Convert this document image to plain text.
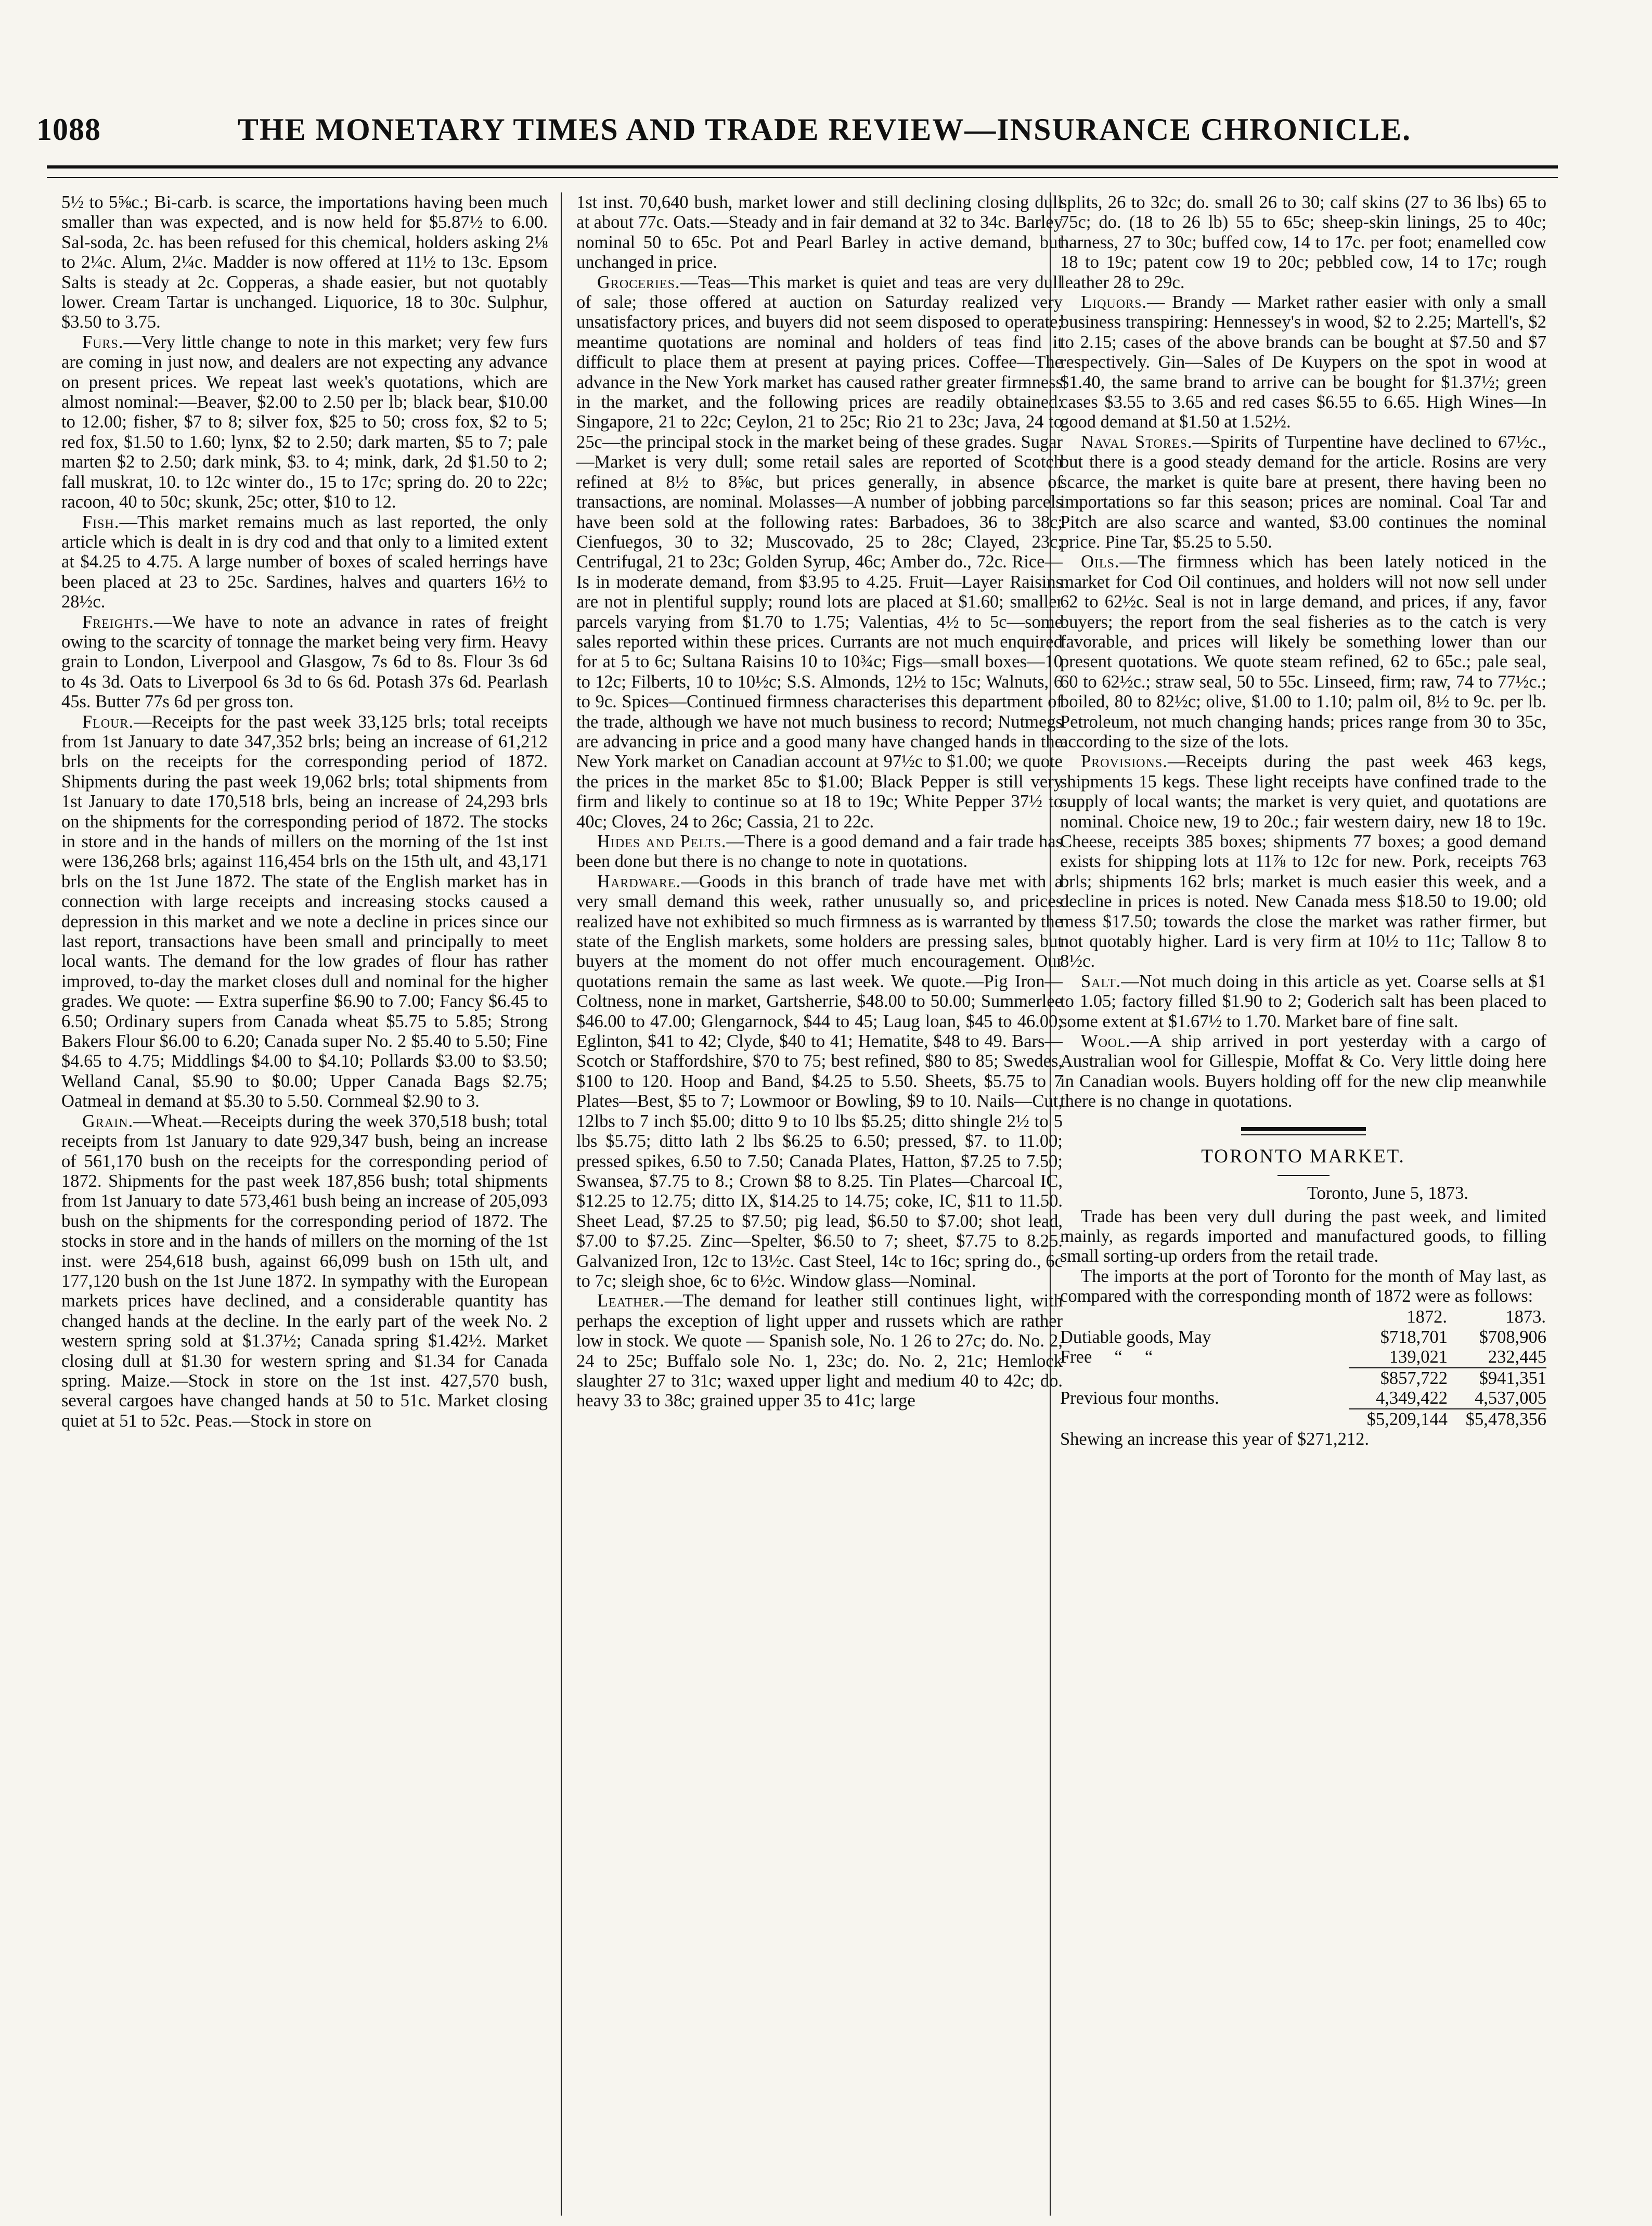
1088	THE MONETARY TIMES AND TRADE REVIEW—INSURANCE CHRONICLE.

5½ to 5⅝c.; Bi-carb. is scarce, the importations having been much smaller than was expected, and is now held for $5.87½ to 6.00. Sal-soda, 2c. has been refused for this chemical, holders asking 2⅛ to 2¼c. Alum, 2¼c. Madder is now offered at 11½ to 13c. Epsom Salts is steady at 2c. Copperas, a shade easier, but not quotably lower. Cream Tartar is unchanged. Liquorice, 18 to 30c. Sulphur, $3.50 to 3.75.

Furs.—Very little change to note in this market; very few furs are coming in just now, and dealers are not expecting any advance on present prices. We repeat last week's quotations, which are almost nominal:—Beaver, $2.00 to 2.50 per lb; black bear, $10.00 to 12.00; fisher, $7 to 8; silver fox, $25 to 50; cross fox, $2 to 5; red fox, $1.50 to 1.60; lynx, $2 to 2.50; dark marten, $5 to 7; pale marten $2 to 2.50; dark mink, $3. to 4; mink, dark, 2d $1.50 to 2; fall muskrat, 10. to 12c winter do., 15 to 17c; spring do. 20 to 22c; racoon, 40 to 50c; skunk, 25c; otter, $10 to 12.

Fish.—This market remains much as last reported, the only article which is dealt in is dry cod and that only to a limited extent at $4.25 to 4.75. A large number of boxes of scaled herrings have been placed at 23 to 25c. Sardines, halves and quarters 16½ to 28½c.

Freights.—We have to note an advance in rates of freight owing to the scarcity of tonnage the market being very firm. Heavy grain to London, Liverpool and Glasgow, 7s 6d to 8s. Flour 3s 6d to 4s 3d. Oats to Liverpool 6s 3d to 6s 6d. Potash 37s 6d. Pearlash 45s. Butter 77s 6d per gross ton.

Flour.—Receipts for the past week 33,125 brls; total receipts from 1st January to date 347,352 brls; being an increase of 61,212 brls on the receipts for the corresponding period of 1872. Shipments during the past week 19,062 brls; total shipments from 1st January to date 170,518 brls, being an increase of 24,293 brls on the shipments for the corresponding period of 1872. The stocks in store and in the hands of millers on the morning of the 1st inst were 136,268 brls; against 116,454 brls on the 15th ult, and 43,171 brls on the 1st June 1872. The state of the English market has in connection with large receipts and increasing stocks caused a depression in this market and we note a decline in prices since our last report, transactions have been small and principally to meet local wants. The demand for the low grades of flour has rather improved, to-day the market closes dull and nominal for the higher grades. We quote: — Extra superfine $6.90 to 7.00; Fancy $6.45 to 6.50; Ordinary supers from Canada wheat $5.75 to 5.85; Strong Bakers Flour $6.00 to 6.20; Canada super No. 2 $5.40 to 5.50; Fine $4.65 to 4.75; Middlings $4.00 to $4.10; Pollards $3.00 to $3.50; Welland Canal, $5.90 to $0.00; Upper Canada Bags $2.75; Oatmeal in demand at $5.30 to 5.50. Cornmeal $2.90 to 3.

Grain.—Wheat.—Receipts during the week 370,518 bush; total receipts from 1st January to date 929,347 bush, being an increase of 561,170 bush on the receipts for the corresponding period of 1872. Shipments for the past week 187,856 bush; total shipments from 1st January to date 573,461 bush being an increase of 205,093 bush on the shipments for the corresponding period of 1872. The stocks in store and in the hands of millers on the morning of the 1st inst. were 254,618 bush, against 66,099 bush on 15th ult, and 177,120 bush on the 1st June 1872. In sympathy with the European markets prices have declined, and a considerable quantity has changed hands at the decline. In the early part of the week No. 2 western spring sold at $1.37½; Canada spring $1.42½. Market closing dull at $1.30 for western spring and $1.34 for Canada spring. Maize.—Stock in store on the 1st inst. 427,570 bush, several cargoes have changed hands at 50 to 51c. Market closing quiet at 51 to 52c. Peas.—Stock in store on

1st inst. 70,640 bush, market lower and still declining closing dull at about 77c. Oats.—Steady and in fair demand at 32 to 34c. Barley nominal 50 to 65c. Pot and Pearl Barley in active demand, but unchanged in price.

Groceries.—Teas—This market is quiet and teas are very dull of sale; those offered at auction on Saturday realized very unsatisfactory prices, and buyers did not seem disposed to operate; meantime quotations are nominal and holders of teas find it difficult to place them at present at paying prices. Coffee—The advance in the New York market has caused rather greater firmness in the market, and the following prices are readily obtained: Singapore, 21 to 22c; Ceylon, 21 to 25c; Rio 21 to 23c; Java, 24 to 25c—the principal stock in the market being of these grades. Sugar—Market is very dull; some retail sales are reported of Scotch refined at 8½ to 8⅝c, but prices generally, in absence of transactions, are nominal. Molasses—A number of jobbing parcels have been sold at the following rates: Barbadoes, 36 to 38c; Cienfuegos, 30 to 32; Muscovado, 25 to 28c; Clayed, 23c; Centrifugal, 21 to 23c; Golden Syrup, 46c; Amber do., 72c. Rice—Is in moderate demand, from $3.95 to 4.25. Fruit—Layer Raisins are not in plentiful supply; round lots are placed at $1.60; smaller parcels varying from $1.70 to 1.75; Valentias, 4½ to 5c—some sales reported within these prices. Currants are not much enquired for at 5 to 6c; Sultana Raisins 10 to 10¾c; Figs—small boxes—10 to 12c; Filberts, 10 to 10½c; S.S. Almonds, 12½ to 15c; Walnuts, 6 to 9c. Spices—Continued firmness characterises this department of the trade, although we have not much business to record; Nutmegs are advancing in price and a good many have changed hands in the New York market on Canadian account at 97½c to $1.00; we quote the prices in the market 85c to $1.00; Black Pepper is still very firm and likely to continue so at 18 to 19c; White Pepper 37½ to 40c; Cloves, 24 to 26c; Cassia, 21 to 22c.

Hides and Pelts.—There is a good demand and a fair trade has been done but there is no change to note in quotations.

Hardware.—Goods in this branch of trade have met with a very small demand this week, rather unusually so, and prices realized have not exhibited so much firmness as is warranted by the state of the English markets, some holders are pressing sales, but buyers at the moment do not offer much encouragement. Our quotations remain the same as last week. We quote.—Pig Iron—Coltness, none in market, Gartsherrie, $48.00 to 50.00; Summerlee $46.00 to 47.00; Glengarnock, $44 to 45; Laug loan, $45 to 46.00; Eglinton, $41 to 42; Clyde, $40 to 41; Hematite, $48 to 49. Bars—Scotch or Staffordshire, $70 to 75; best refined, $80 to 85; Swedes, $100 to 120. Hoop and Band, $4.25 to 5.50. Sheets, $5.75 to 7 Plates—Best, $5 to 7; Lowmoor or Bowling, $9 to 10. Nails—Cut, 12lbs to 7 inch $5.00; ditto 9 to 10 lbs $5.25; ditto shingle 2½ to 5 lbs $5.75; ditto lath 2 lbs $6.25 to 6.50; pressed, $7. to 11.00; pressed spikes, 6.50 to 7.50; Canada Plates, Hatton, $7.25 to 7.50; Swansea, $7.75 to 8.; Crown $8 to 8.25. Tin Plates—Charcoal IC, $12.25 to 12.75; ditto IX, $14.25 to 14.75; coke, IC, $11 to 11.50. Sheet Lead, $7.25 to $7.50; pig lead, $6.50 to $7.00; shot lead, $7.00 to $7.25. Zinc—Spelter, $6.50 to 7; sheet, $7.75 to 8.25. Galvanized Iron, 12c to 13½c. Cast Steel, 14c to 16c; spring do., 6c to 7c; sleigh shoe, 6c to 6½c. Window glass—Nominal.

Leather.—The demand for leather still continues light, with perhaps the exception of light upper and russets which are rather low in stock. We quote — Spanish sole, No. 1 26 to 27c; do. No. 2, 24 to 25c; Buffalo sole No. 1, 23c; do. No. 2, 21c; Hemlock slaughter 27 to 31c; waxed upper light and medium 40 to 42c; do. heavy 33 to 38c; grained upper 35 to 41c; large

splits, 26 to 32c; do. small 26 to 30; calf skins (27 to 36 lbs) 65 to 75c; do. (18 to 26 lb) 55 to 65c; sheep-skin linings, 25 to 40c; harness, 27 to 30c; buffed cow, 14 to 17c. per foot; enamelled cow 18 to 19c; patent cow 19 to 20c; pebbled cow, 14 to 17c; rough leather 28 to 29c.

Liquors.— Brandy — Market rather easier with only a small business transpiring: Hennessey's in wood, $2 to 2.25; Martell's, $2 to 2.15; cases of the above brands can be bought at $7.50 and $7 respectively. Gin—Sales of De Kuypers on the spot in wood at $1.40, the same brand to arrive can be bought for $1.37½; green cases $3.55 to 3.65 and red cases $6.55 to 6.65. High Wines—In good demand at $1.50 at 1.52½.

Naval Stores.—Spirits of Turpentine have declined to 67½c., but there is a good steady demand for the article. Rosins are very scarce, the market is quite bare at present, there having been no importations so far this season; prices are nominal. Coal Tar and Pitch are also scarce and wanted, $3.00 continues the nominal price. Pine Tar, $5.25 to 5.50.

Oils.—The firmness which has been lately noticed in the market for Cod Oil continues, and holders will not now sell under 62 to 62½c. Seal is not in large demand, and prices, if any, favor buyers; the report from the seal fisheries as to the catch is very favorable, and prices will likely be something lower than our present quotations. We quote steam refined, 62 to 65c.; pale seal, 60 to 62½c.; straw seal, 50 to 55c. Linseed, firm; raw, 74 to 77½c.; boiled, 80 to 82½c; olive, $1.00 to 1.10; palm oil, 8½ to 9c. per lb. Petroleum, not much changing hands; prices range from 30 to 35c, according to the size of the lots.

Provisions.—Receipts during the past week 463 kegs, shipments 15 kegs. These light receipts have confined trade to the supply of local wants; the market is very quiet, and quotations are nominal. Choice new, 19 to 20c.; fair western dairy, new 18 to 19c. Cheese, receipts 385 boxes; shipments 77 boxes; a good demand exists for shipping lots at 11⅞ to 12c for new. Pork, receipts 763 brls; shipments 162 brls; market is much easier this week, and a decline in prices is noted. New Canada mess $18.50 to 19.00; old mess $17.50; towards the close the market was rather firmer, but not quotably higher. Lard is very firm at 10½ to 11c; Tallow 8 to 8½c.

Salt.—Not much doing in this article as yet. Coarse sells at $1 to 1.05; factory filled $1.90 to 2; Goderich salt has been placed to some extent at $1.67½ to 1.70. Market bare of fine salt.

Wool.—A ship arrived in port yesterday with a cargo of Australian wool for Gillespie, Moffat & Co. Very little doing here in Canadian wools. Buyers holding off for the new clip meanwhile there is no change in quotations.

TORONTO MARKET.
Toronto, June 5, 1873.

Trade has been very dull during the past week, and limited mainly, as regards imported and manufactured goods, to filling small sorting-up orders from the retail trade.

The imports at the port of Toronto for the month of May last, as compared with the corresponding month of 1872 were as follows:

	1872.	1873.
Dutiable goods, May	$718,701	$708,906
Free     “     “	139,021	232,445
	$857,722	$941,351
Previous four months.	4,349,422	4,537,005
	$5,209,144	$5,478,356

Shewing an increase this year of $271,212.
